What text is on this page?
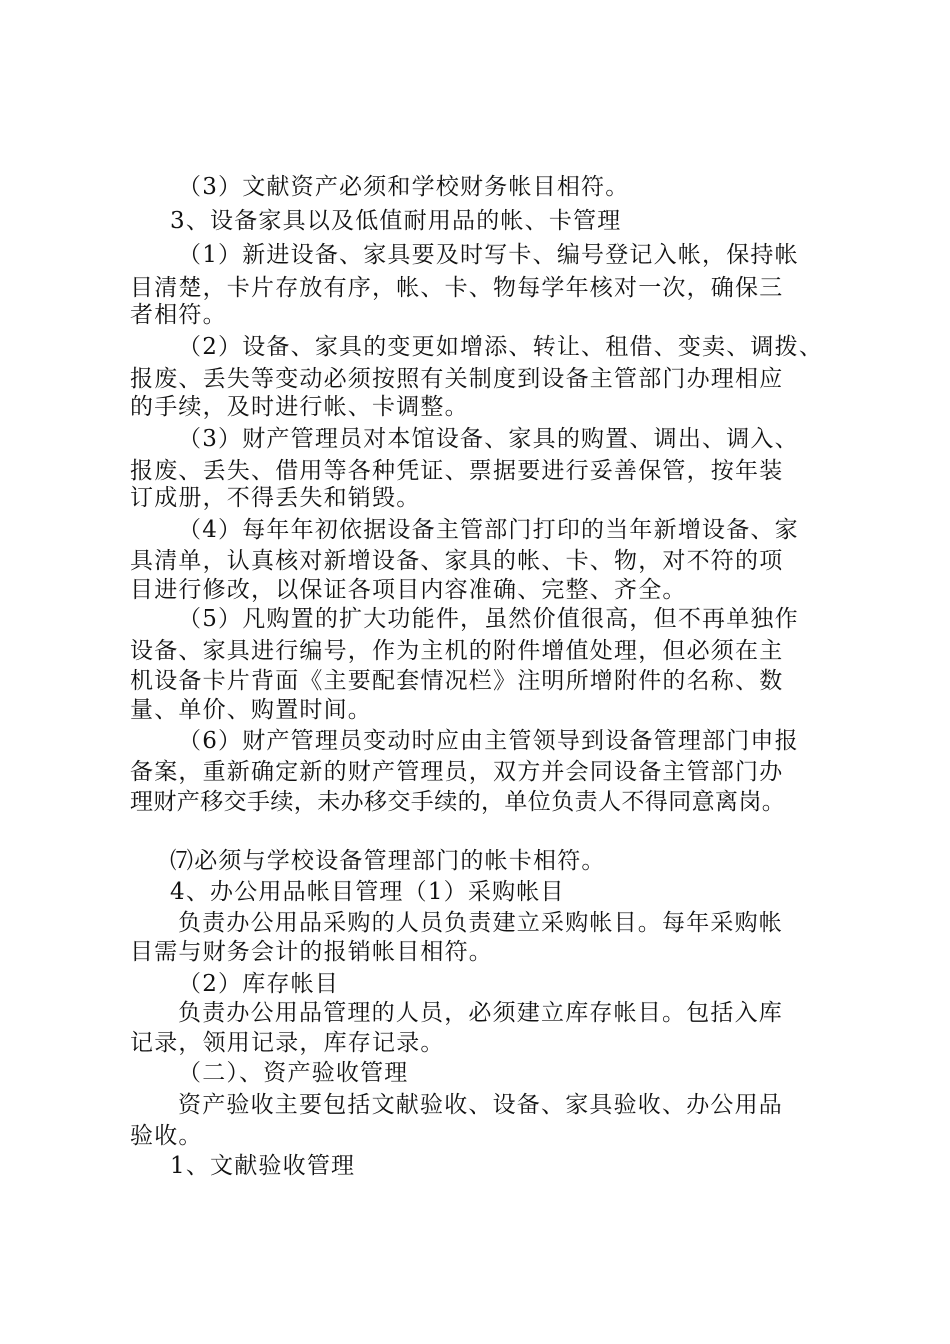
（3）文献资产必须和学校财务帐目相符。
3、设备家具以及低值耐用品的帐、卡管理
（1）新进设备、家具要及时写卡、编号登记入帐，保持帐
目清楚，卡片存放有序，帐、卡、物每学年核对一次，确保三
者相符。
（2）设备、家具的变更如增添、转让、租借、变卖、调拨、
报废、丢失等变动必须按照有关制度到设备主管部门办理相应
的手续，及时进行帐、卡调整。
（3）财产管理员对本馆设备、家具的购置、调出、调入、
报废、丢失、借用等各种凭证、票据要进行妥善保管，按年装
订成册，不得丢失和销毁。
（4）每年年初依据设备主管部门打印的当年新增设备、家
具清单，认真核对新增设备、家具的帐、卡、物，对不符的项
目进行修改，以保证各项目内容准确、完整、齐全。
（5）凡购置的扩大功能件，虽然价值很高，但不再单独作
设备、家具进行编号，作为主机的附件增值处理，但必须在主
机设备卡片背面《主要配套情况栏》注明所增附件的名称、数
量、单价、购置时间。
（6）财产管理员变动时应由主管领导到设备管理部门申报
备案，重新确定新的财产管理员，双方并会同设备主管部门办
理财产移交手续，未办移交手续的，单位负责人不得同意离岗。
⑺必须与学校设备管理部门的帐卡相符。
4、办公用品帐目管理（1）采购帐目
负责办公用品采购的人员负责建立采购帐目。每年采购帐
目需与财务会计的报销帐目相符。
（2）库存帐目
负责办公用品管理的人员，必须建立库存帐目。包括入库
记录，领用记录，库存记录。
（二）、资产验收管理
资产验收主要包括文献验收、设备、家具验收、办公用品
验收。
1、文献验收管理
